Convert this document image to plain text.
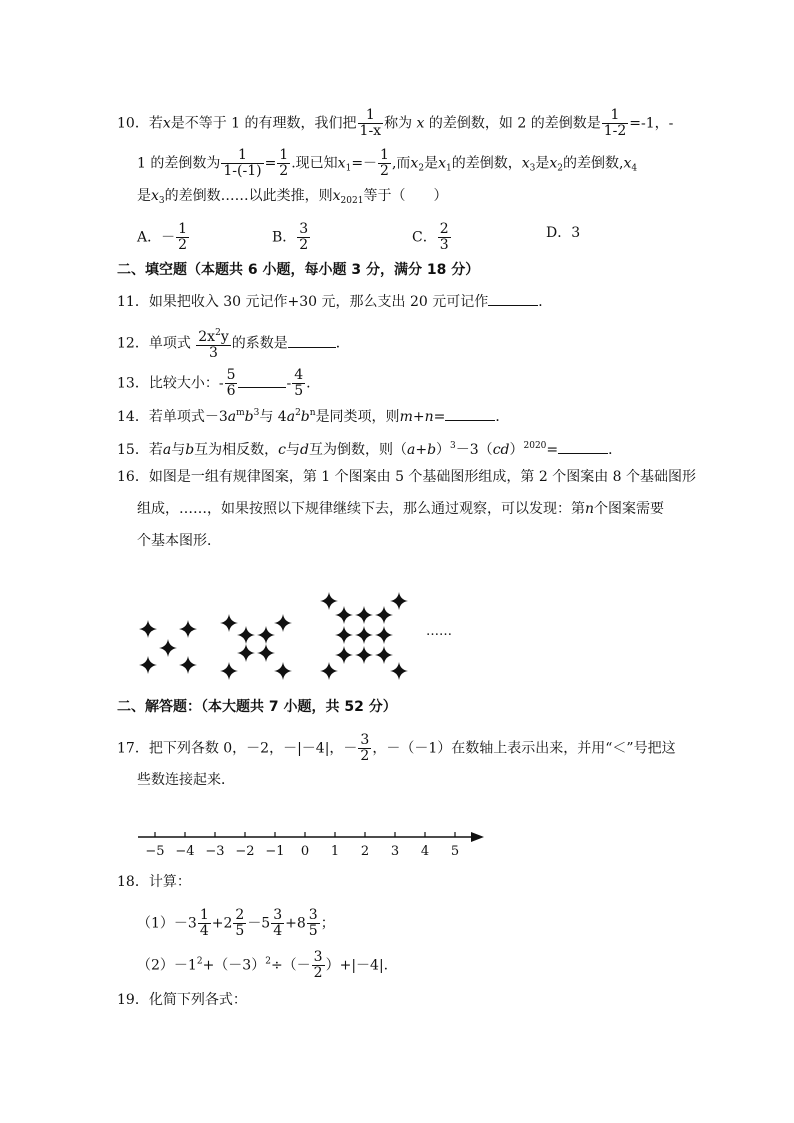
10．若x是不等于 1 的有理数，我们把 $\frac{1}{1-x}$ 称为 x 的差倒数，如 2 的差倒数是 $\frac{1}{1-2} =-1$，-
1 的差倒数为 $\frac{1}{1-(-1)} = \frac{1}{2}$ .现已知$x_1=- \frac{1}{2}$ ,而$x_2$是$x_1$的差倒数，$x_3$是$x_2$的差倒数$,x_4$
是$x_3$的差倒数……以此类推，则$x_{2021}$等于（　　）
A．－ $\frac{1}{2}$	B． $\frac{3}{2}$	C． $\frac{2}{3}$	D．3
二、填空题（本题共 6 小题，每小题 3 分，满分 18 分）
11．如果把收入 30 元记作+30 元，那么支出 20 元可记作	．
12．单项式 $\frac{2x^2y}{3}$ 的系数是	．
13．比较大小：- $\frac{5}{6}$	- $\frac{4}{5}$ .
14．若单项式$-3a^mb^3$与 $4a^2b^n$是同类项，则m+n=	．
15．若a与b互为相反数，c与d互为倒数，则$(a+b)^3-3(cd)^{2020}=$	．
16．如图是一组有规律图案，第 1 个图案由 5 个基础图形组成，第 2 个图案由 8 个基础图形
组成，……，如果按照以下规律继续下去，那么通过观察，可以发现：第n个图案需要
个基本图形．
……
二、解答题：（本大题共 7 小题，共 52 分）
17．把下列各数 0，－2，－|－4|，－ $\frac{3}{2}$ ，－（－1）在数轴上表示出来，并用“＜”号把这
些数连接起来．
−5 −4 −3 −2 −1	0	1	2	3	4	5
18．计算：
$(1)-3 \frac{1}{4} +2 \frac{2}{5} -5 \frac{3}{4} +8 \frac{3}{5}$ ；
$(2)-1^2+(-3)^2\div(- \frac{3}{2} )+|-4|$.
19．化简下列各式：
